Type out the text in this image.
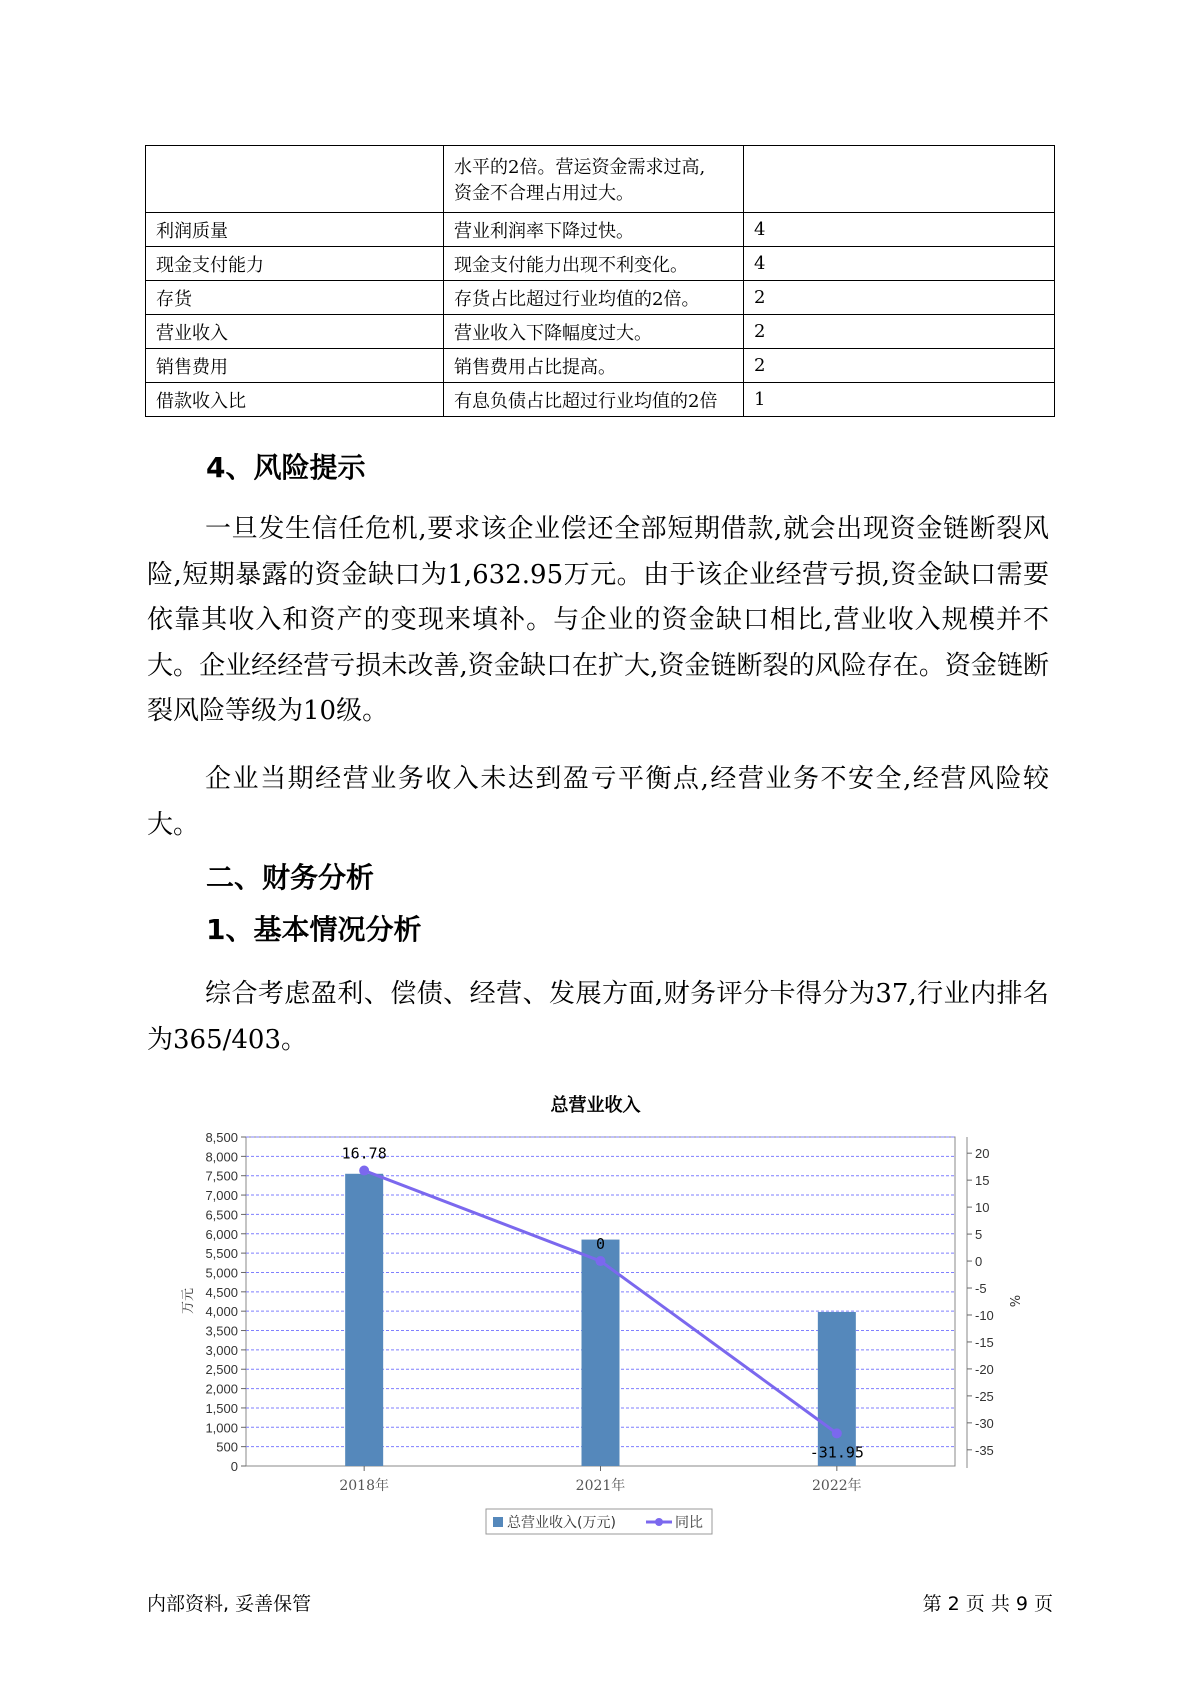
	水平的2倍。营运资金需求过高,
资金不合理占用过大。	

利润质量	营业利润率下降过快。	4
现金支付能力	现金支付能力出现不利变化。	4
存货	存货占比超过行业均值的2倍。	2
营业收入	营业收入下降幅度过大。	2
销售费用	销售费用占比提高。	2
借款收入比	有息负债占比超过行业均值的2倍	1
4、风险提示

一旦发生信任危机,要求该企业偿还全部短期借款,就会出现资金链断裂风险,短期暴露的资金缺口为1,632.95万元。由于该企业经营亏损,资金缺口需要依靠其收入和资产的变现来填补。与企业的资金缺口相比,营业收入规模并不大。企业经经营亏损未改善,资金缺口在扩大,资金链断裂的风险存在。资金链断裂风险等级为10级。

企业当期经营业务收入未达到盈亏平衡点,经营业务不安全,经营风险较大。

二、财务分析
1、基本情况分析

综合考虑盈利、偿债、经营、发展方面,财务评分卡得分为37,行业内排名为365/403。

总营业收入
0
500
1,000
1,500
2,000
2,500
3,000
3,500
4,000
4,500
5,000
5,500
6,000
6,500
7,000
7,500
8,000
8,500
-35
-30
-25
-20
-15
-10
-5
0
5
10
15
20
万元	%
2018年	2021年	2022年
16.78
0
-31.95
总营业收入(万元)	同比
内部资料, 妥善保管	第 2 页 共 9 页
